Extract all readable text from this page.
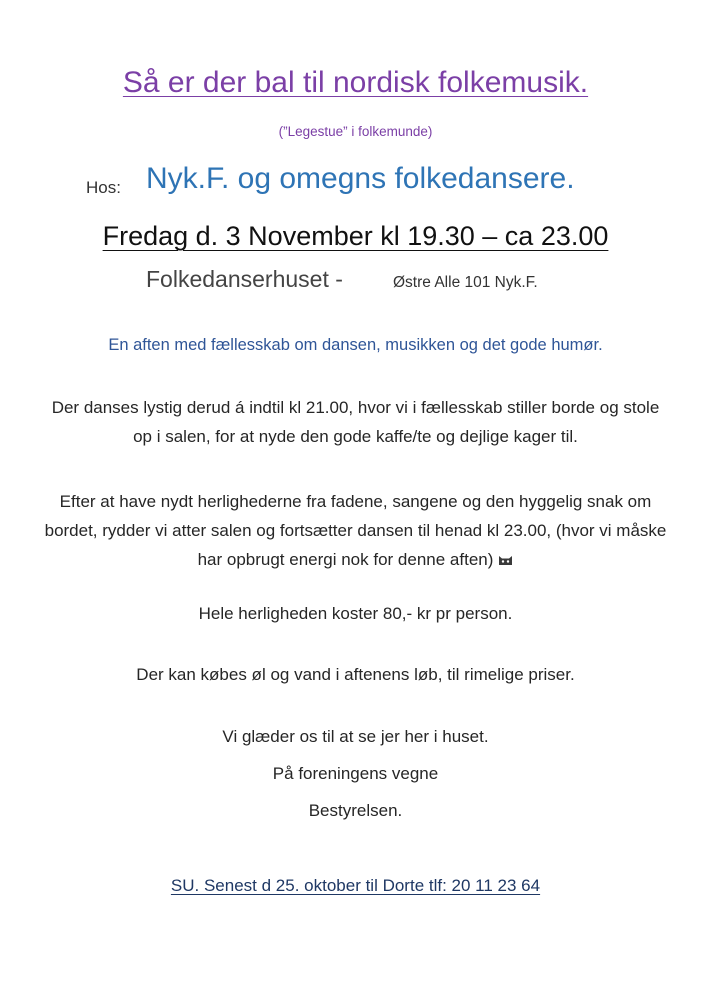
Så er der bal til nordisk folkemusik.
(”Legestue” i folkemunde)
Hos: Nyk.F. og omegns folkedansere.
Fredag d. 3 November kl 19.30 – ca 23.00
Folkedanserhuset -	Østre Alle 101 Nyk.F.
En aften med fællesskab om dansen, musikken og det gode humør.
Der danses lystig derud á indtil kl 21.00, hvor vi i fællesskab stiller borde og stole op i salen, for at nyde den gode kaffe/te og dejlige kager til.
Efter at have nydt herlighederne fra fadene, sangene og den hyggelig snak om bordet, rydder vi atter salen og fortsætter dansen til henad kl 23.00, (hvor vi måske har opbrugt energi nok for denne aften)
Hele herligheden koster 80,- kr pr person.
Der kan købes øl og vand i aftenens løb, til rimelige priser.
Vi glæder os til at se jer her i huset.
På foreningens vegne
Bestyrelsen.
SU. Senest d 25. oktober til Dorte tlf: 20 11 23 64
